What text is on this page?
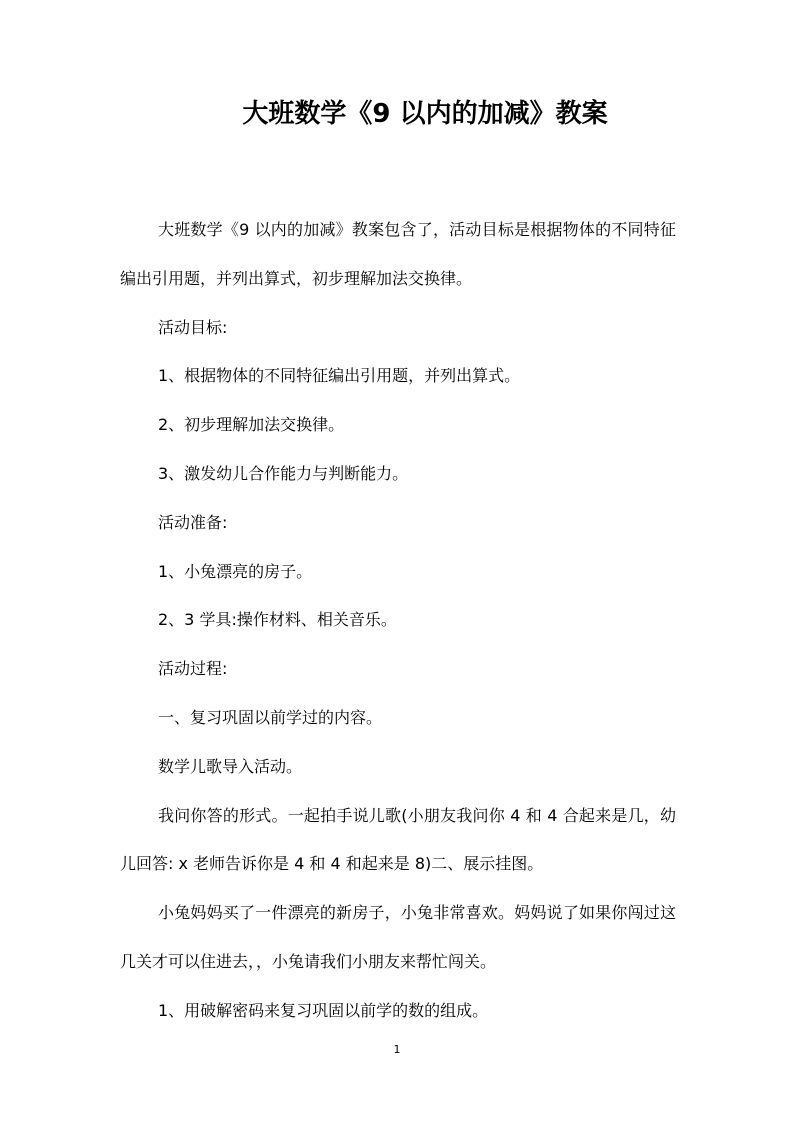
大班数学《9 以内的加减》教案

大班数学《9 以内的加减》教案包含了，活动目标是根据物体的不同特征编出引用题，并列出算式，初步理解加法交换律。

活动目标:

1、根据物体的不同特征编出引用题，并列出算式。

2、初步理解加法交换律。

3、激发幼儿合作能力与判断能力。

活动准备:

1、小兔漂亮的房子。

2、3 学具:操作材料、相关音乐。

活动过程:

一、复习巩固以前学过的内容。

数学儿歌导入活动。

我问你答的形式。一起拍手说儿歌(小朋友我问你 4 和 4 合起来是几，幼儿回答: x 老师告诉你是 4 和 4 和起来是 8)二、展示挂图。

小兔妈妈买了一件漂亮的新房子，小兔非常喜欢。妈妈说了如果你闯过这几关才可以住进去，，小兔请我们小朋友来帮忙闯关。

1、用破解密码来复习巩固以前学的数的组成。

1
